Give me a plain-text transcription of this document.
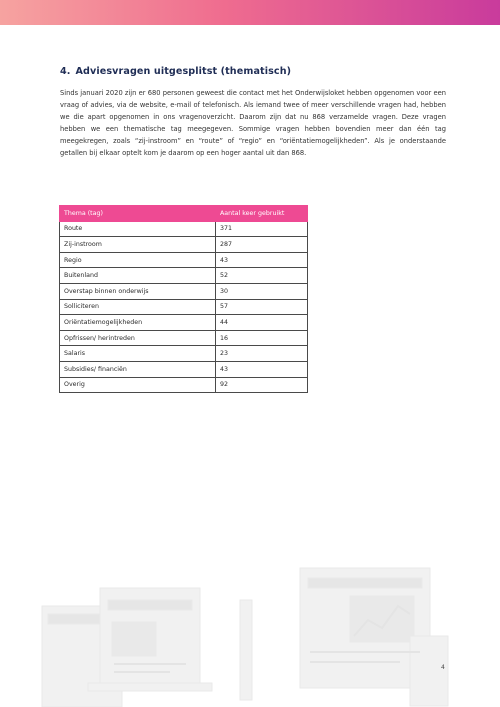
4. Adviesvragen uitgesplitst (thematisch)
Sinds januari 2020 zijn er 680 personen geweest die contact met het Onderwijsloket hebben opgenomen voor een vraag of advies, via de website, e-mail of telefonisch. Als iemand twee of meer verschillende vragen had, hebben we die apart opgenomen in ons vragenoverzicht. Daarom zijn dat nu 868 verzamelde vragen. Deze vragen hebben we een thematische tag meegegeven. Sommige vragen hebben bovendien meer dan één tag meegekregen, zoals “zij-instroom” en “route” of “regio” en “oriëntatiemogelijkheden”. Als je onderstaande getallen bij elkaar optelt kom je daarom op een hoger aantal uit dan 868.
Thema (tag)	Aantal keer gebruikt
Route	371
Zij-instroom	287
Regio	43
Buitenland	52
Overstap binnen onderwijs	30
Solliciteren	57
Oriëntatiemogelijkheden	44
Opfrissen/ herintreden	16
Salaris	23
Subsidies/ financiën	43
Overig	92
4
